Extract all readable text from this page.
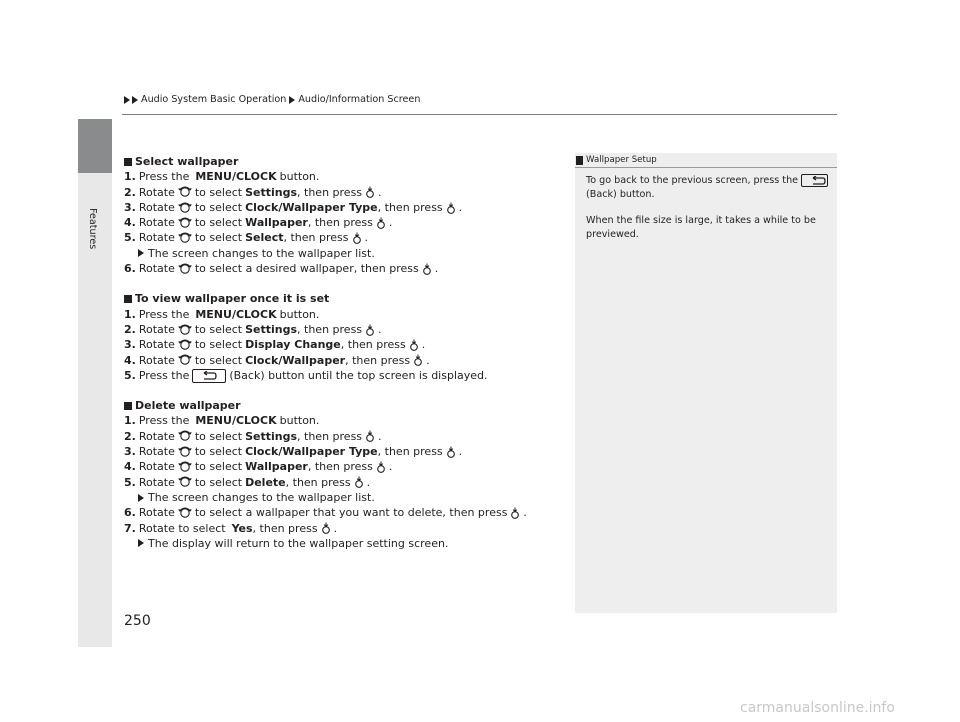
Audio System Basic Operation Audio/Information Screen
Features
Select wallpaper
1. Press the MENU/CLOCK button.
2. Rotate to select Settings , then press .
3. Rotate to select Clock/Wallpaper Type , then press .
4. Rotate to select Wallpaper , then press .
5. Rotate to select Select , then press .
The screen changes to the wallpaper list.
6. Rotate to select a desired wallpaper, then press .
To view wallpaper once it is set
1. Press the MENU/CLOCK button.
2. Rotate to select Settings , then press .
3. Rotate to select Display Change , then press .
4. Rotate to select Clock/Wallpaper , then press .
5. Press the	(Back) button until the top screen is displayed.
Delete wallpaper
1. Press the MENU/CLOCK button.
2. Rotate to select Settings , then press .
3. Rotate to select Clock/Wallpaper Type , then press .
4. Rotate to select Wallpaper , then press .
5. Rotate to select Delete , then press .
The screen changes to the wallpaper list.
6. Rotate to select a wallpaper that you want to delete, then press .
7. Rotate to select Yes , then press .
The display will return to the wallpaper setting screen.
Wallpaper Setup
To go back to the previous screen, press the
(Back) button.
When the file size is large, it takes a while to be
previewed.
250
carmanualsonline.info
